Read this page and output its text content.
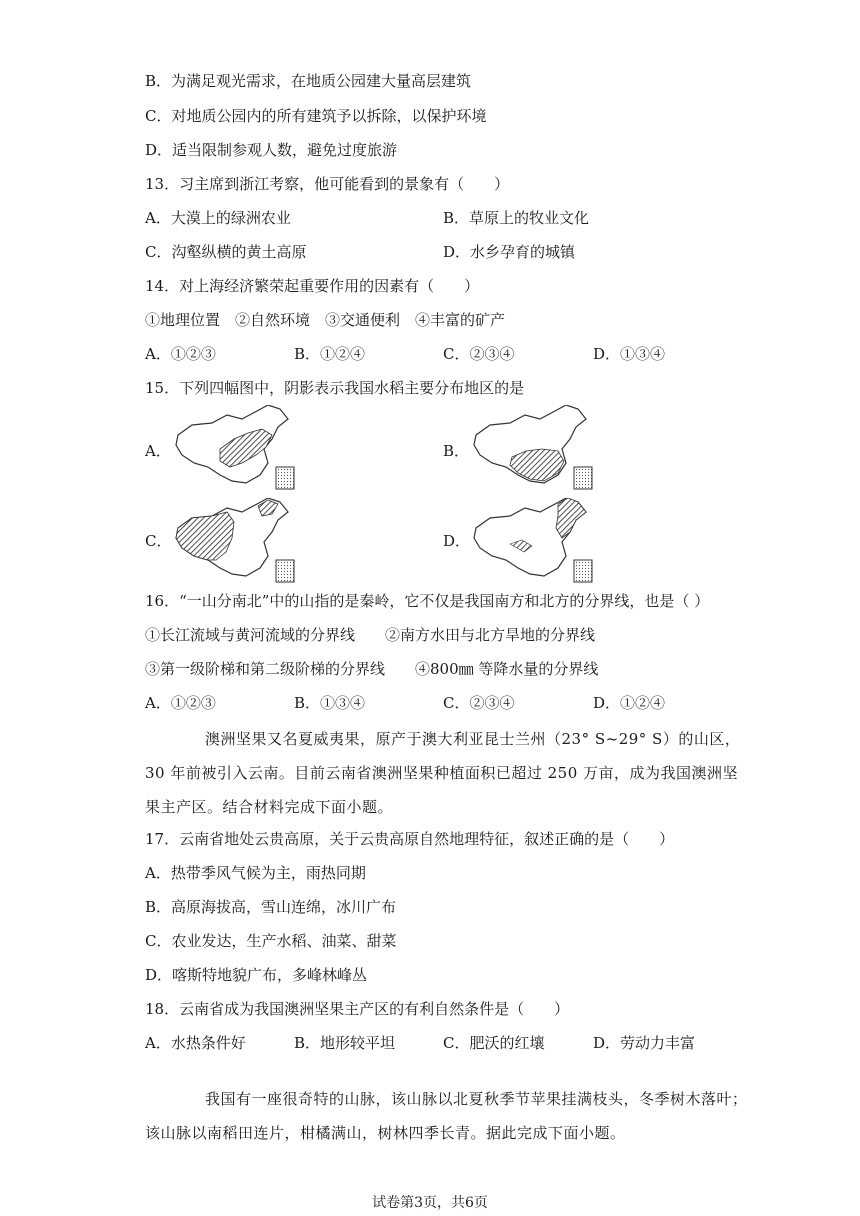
B．为满足观光需求，在地质公园建大量高层建筑
C．对地质公园内的所有建筑予以拆除，以保护环境
D．适当限制参观人数，避免过度旅游
13．习主席到浙江考察，他可能看到的景象有（　　）
A．大漠上的绿洲农业	B．草原上的牧业文化
C．沟壑纵横的黄土高原	D．水乡孕育的城镇
14．对上海经济繁荣起重要作用的因素有（　　）
①地理位置　②自然环境　③交通便利　④丰富的矿产
A．①②③	B．①②④	C．②③④	D．①③④
15．下列四幅图中，阴影表示我国水稻主要分布地区的是
A．	B．
C．	D．
16．“一山分南北”中的山指的是秦岭，它不仅是我国南方和北方的分界线，也是（ ）
①长江流域与黄河流域的分界线　　②南方水田与北方旱地的分界线
③第一级阶梯和第二级阶梯的分界线　　④800㎜ 等降水量的分界线
A．①②③	B．①③④	C．②③④	D．①②④
澳洲坚果又名夏威夷果，原产于澳大利亚昆士兰州（23° S~29° S）的山区，
30 年前被引入云南。目前云南省澳洲坚果种植面积已超过 250 万亩，成为我国澳洲坚
果主产区。结合材料完成下面小题。
17．云南省地处云贵高原，关于云贵高原自然地理特征，叙述正确的是（　　）
A．热带季风气候为主，雨热同期
B．高原海拔高，雪山连绵，冰川广布
C．农业发达，生产水稻、油菜、甜菜
D．喀斯特地貌广布，多峰林峰丛
18．云南省成为我国澳洲坚果主产区的有利自然条件是（　　）
A．水热条件好	B．地形较平坦	C．肥沃的红壤	D．劳动力丰富
我国有一座很奇特的山脉，该山脉以北夏秋季节苹果挂满枝头，冬季树木落叶；
该山脉以南稻田连片，柑橘满山，树林四季长青。据此完成下面小题。
试卷第3页，共6页
